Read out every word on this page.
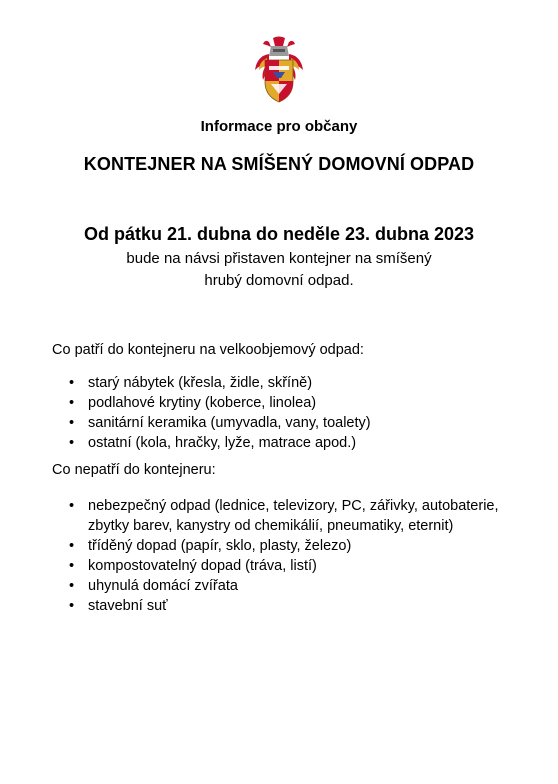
Informace pro občany
KONTEJNER NA SMÍŠENÝ DOMOVNÍ ODPAD
Od pátku 21. dubna do neděle 23. dubna 2023
bude na návsi přistaven kontejner na smíšený
hrubý domovní odpad.
Co patří do kontejneru na velkoobjemový odpad:
• starý nábytek (křesla, židle, skříně)
• podlahové krytiny (koberce, linolea)
• sanitární keramika (umyvadla, vany, toalety)
• ostatní (kola, hračky, lyže, matrace apod.)
Co nepatří do kontejneru:
• nebezpečný odpad (lednice, televizory, PC, zářivky, autobaterie, zbytky barev, kanystry od chemikálií, pneumatiky, eternit)
• tříděný dopad (papír, sklo, plasty, železo)
• kompostovatelný dopad (tráva, listí)
• uhynulá domácí zvířata
• stavební suť
